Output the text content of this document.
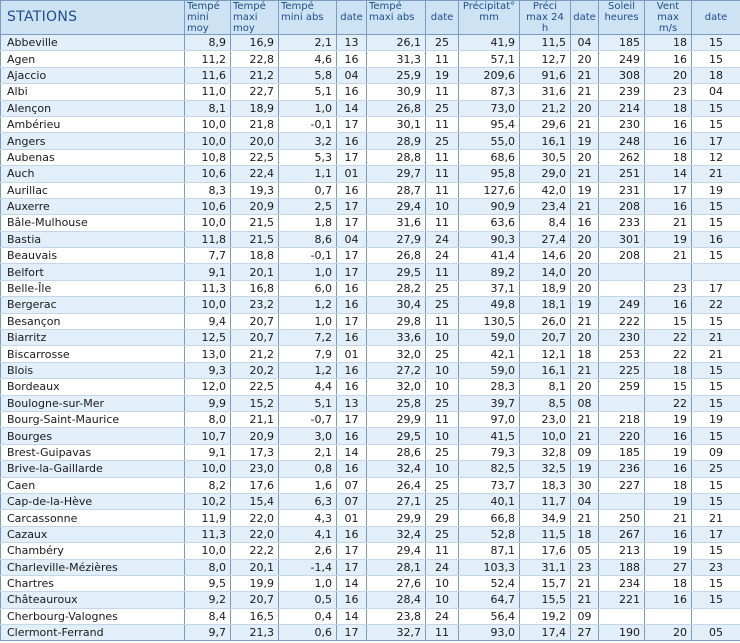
STATIONS	Tempé mini moy	Tempé maxi moy	Tempé mini abs	date	Tempé maxi abs	date	Précipitat° mm	Préci max 24 h	date	Soleil heures	Vent max m/s	date
Abbeville	8,9	16,9	2,1	13	26,1	25	41,9	11,5	04	185	18	15
Agen	11,2	22,8	4,6	16	31,3	11	57,1	12,7	20	249	16	15
Ajaccio	11,6	21,2	5,8	04	25,9	19	209,6	91,6	21	308	20	18
Albi	11,0	22,7	5,1	16	30,9	11	87,3	31,6	21	239	23	04
Alençon	8,1	18,9	1,0	14	26,8	25	73,0	21,2	20	214	18	15
Ambérieu	10,0	21,8	-0,1	17	30,1	11	95,4	29,6	21	230	16	15
Angers	10,0	20,0	3,2	16	28,9	25	55,0	16,1	19	248	16	17
Aubenas	10,8	22,5	5,3	17	28,8	11	68,6	30,5	20	262	18	12
Auch	10,6	22,4	1,1	01	29,7	11	95,8	29,0	21	251	14	21
Aurillac	8,3	19,3	0,7	16	28,7	11	127,6	42,0	19	231	17	19
Auxerre	10,6	20,9	2,5	17	29,4	10	90,9	23,4	21	208	16	15
Bâle-Mulhouse	10,0	21,5	1,8	17	31,6	11	63,6	8,4	16	233	21	15
Bastia	11,8	21,5	8,6	04	27,9	24	90,3	27,4	20	301	19	16
Beauvais	7,7	18,8	-0,1	17	26,8	24	41,4	14,6	20	208	21	15
Belfort	9,1	20,1	1,0	17	29,5	11	89,2	14,0	20			
Belle-Île	11,3	16,8	6,0	16	28,2	25	37,1	18,9	20		23	17
Bergerac	10,0	23,2	1,2	16	30,4	25	49,8	18,1	19	249	16	22
Besançon	9,4	20,7	1,0	17	29,8	11	130,5	26,0	21	222	15	15
Biarritz	12,5	20,7	7,2	16	33,6	10	59,0	20,7	20	230	22	21
Biscarrosse	13,0	21,2	7,9	01	32,0	25	42,1	12,1	18	253	22	21
Blois	9,3	20,2	1,2	16	27,2	10	59,0	16,1	21	225	18	15
Bordeaux	12,0	22,5	4,4	16	32,0	10	28,3	8,1	20	259	15	15
Boulogne-sur-Mer	9,9	15,2	5,1	13	25,8	25	39,7	8,5	08		22	15
Bourg-Saint-Maurice	8,0	21,1	-0,7	17	29,9	11	97,0	23,0	21	218	19	19
Bourges	10,7	20,9	3,0	16	29,5	10	41,5	10,0	21	220	16	15
Brest-Guipavas	9,1	17,3	2,1	14	28,6	25	79,3	32,8	09	185	19	09
Brive-la-Gaillarde	10,0	23,0	0,8	16	32,4	10	82,5	32,5	19	236	16	25
Caen	8,2	17,6	1,6	07	26,4	25	73,7	18,3	30	227	18	15
Cap-de-la-Hève	10,2	15,4	6,3	07	27,1	25	40,1	11,7	04		19	15
Carcassonne	11,9	22,0	4,3	01	29,9	29	66,8	34,9	21	250	21	21
Cazaux	11,3	22,0	4,1	16	32,4	25	52,8	11,5	18	267	16	17
Chambéry	10,0	22,2	2,6	17	29,4	11	87,1	17,6	05	213	19	15
Charleville-Mézières	8,0	20,1	-1,4	17	28,1	24	103,3	31,1	23	188	27	23
Chartres	9,5	19,9	1,0	14	27,6	10	52,4	15,7	21	234	18	15
Châteauroux	9,2	20,7	0,5	16	28,4	10	64,7	15,5	21	221	16	15
Cherbourg-Valognes	8,4	16,5	0,4	14	23,8	24	56,4	19,2	09			
Clermont-Ferrand	9,7	21,3	0,6	17	32,7	11	93,0	17,4	27	190	20	05
